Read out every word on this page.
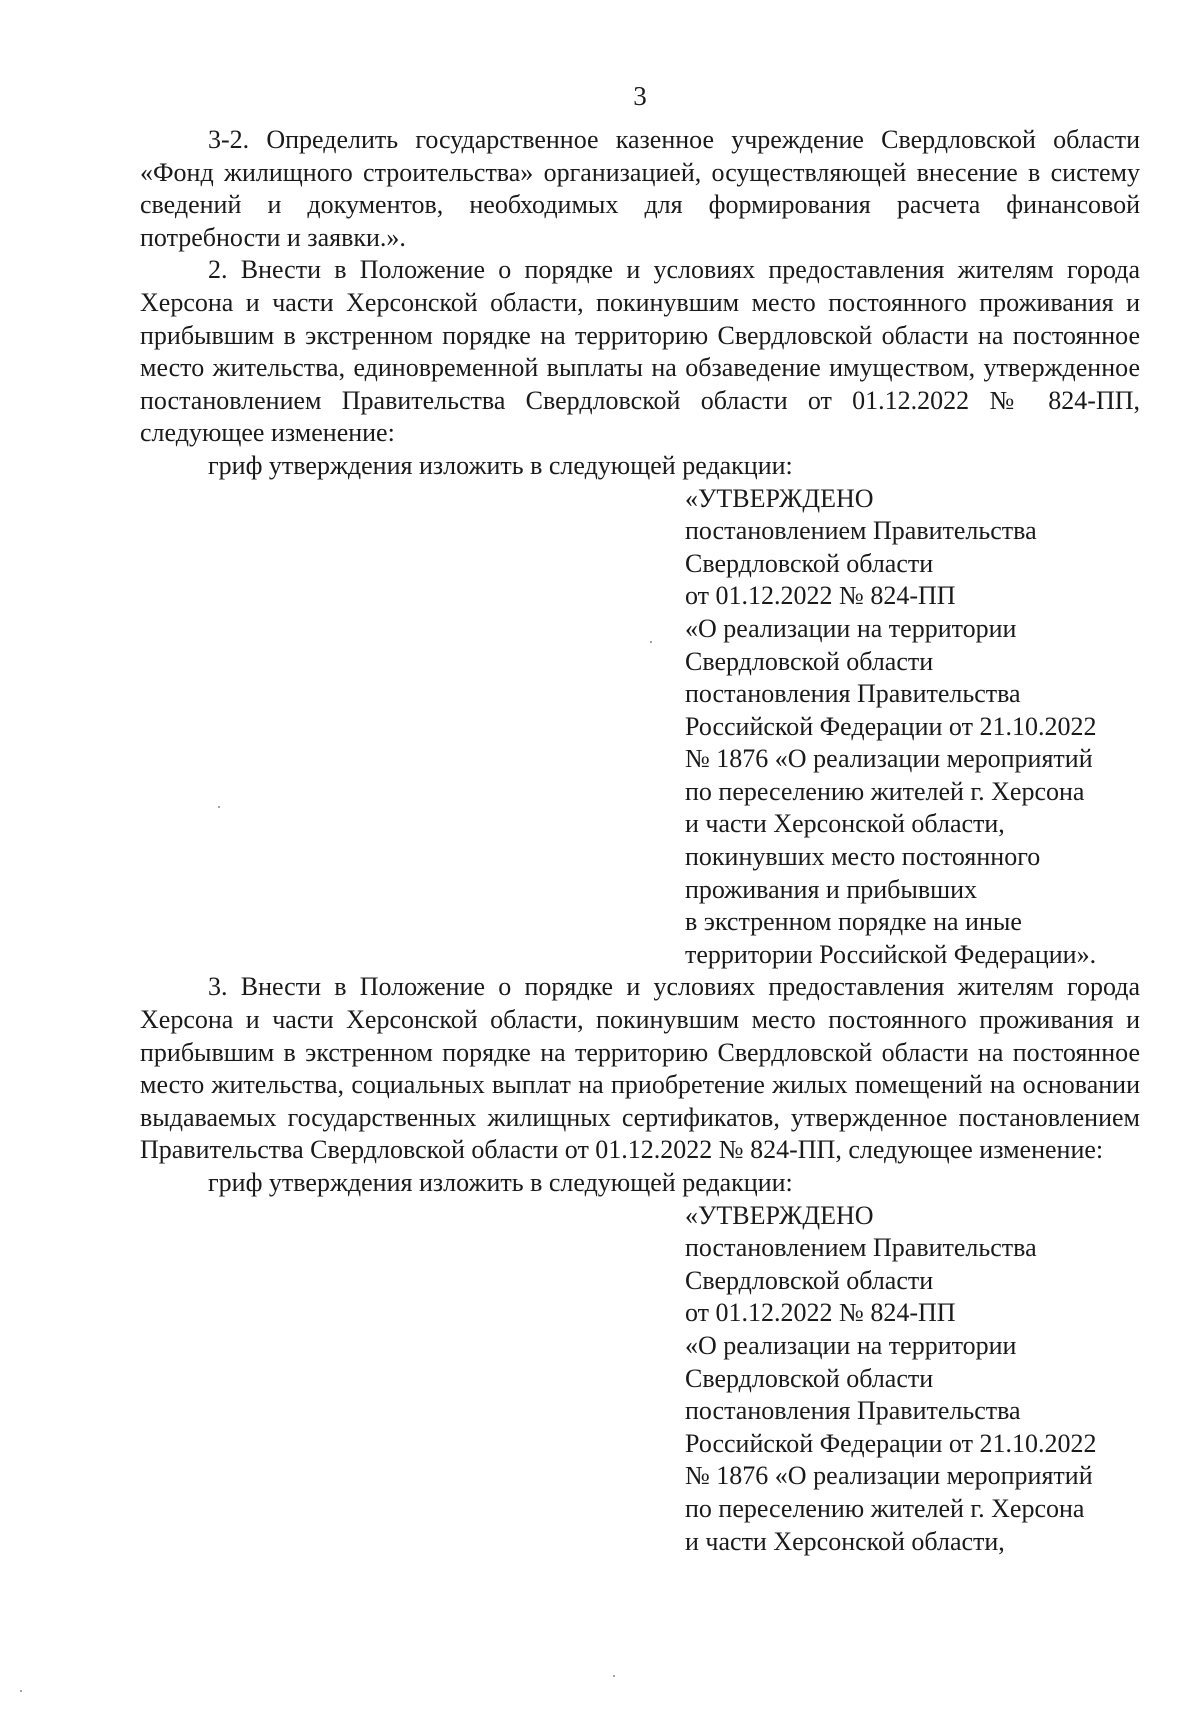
3

3-2. Определить государственное казенное учреждение Свердловской области «Фонд жилищного строительства» организацией, осуществляющей внесение в систему сведений и документов, необходимых для формирования расчета финансовой потребности и заявки.».

2. Внести в Положение о порядке и условиях предоставления жителям города Херсона и части Херсонской области, покинувшим место постоянного проживания и прибывшим в экстренном порядке на территорию Свердловской области на постоянное место жительства, единовременной выплаты на обзаведение имуществом, утвержденное постановлением Правительства Свердловской области от 01.12.2022 № 824-ПП, следующее изменение:

гриф утверждения изложить в следующей редакции:

«УТВЕРЖДЕНО
постановлением Правительства
Свердловской области
от 01.12.2022 № 824-ПП
«О реализации на территории
Свердловской области
постановления Правительства
Российской Федерации от 21.10.2022
№ 1876 «О реализации мероприятий
по переселению жителей г. Херсона
и части Херсонской области,
покинувших место постоянного
проживания и прибывших
в экстренном порядке на иные
территории Российской Федерации».

3. Внести в Положение о порядке и условиях предоставления жителям города Херсона и части Херсонской области, покинувшим место постоянного проживания и прибывшим в экстренном порядке на территорию Свердловской области на постоянное место жительства, социальных выплат на приобретение жилых помещений на основании выдаваемых государственных жилищных сертификатов, утвержденное постановлением Правительства Свердловской области от 01.12.2022 № 824-ПП, следующее изменение:

гриф утверждения изложить в следующей редакции:

«УТВЕРЖДЕНО
постановлением Правительства
Свердловской области
от 01.12.2022 № 824-ПП
«О реализации на территории
Свердловской области
постановления Правительства
Российской Федерации от 21.10.2022
№ 1876 «О реализации мероприятий
по переселению жителей г. Херсона
и части Херсонской области,
